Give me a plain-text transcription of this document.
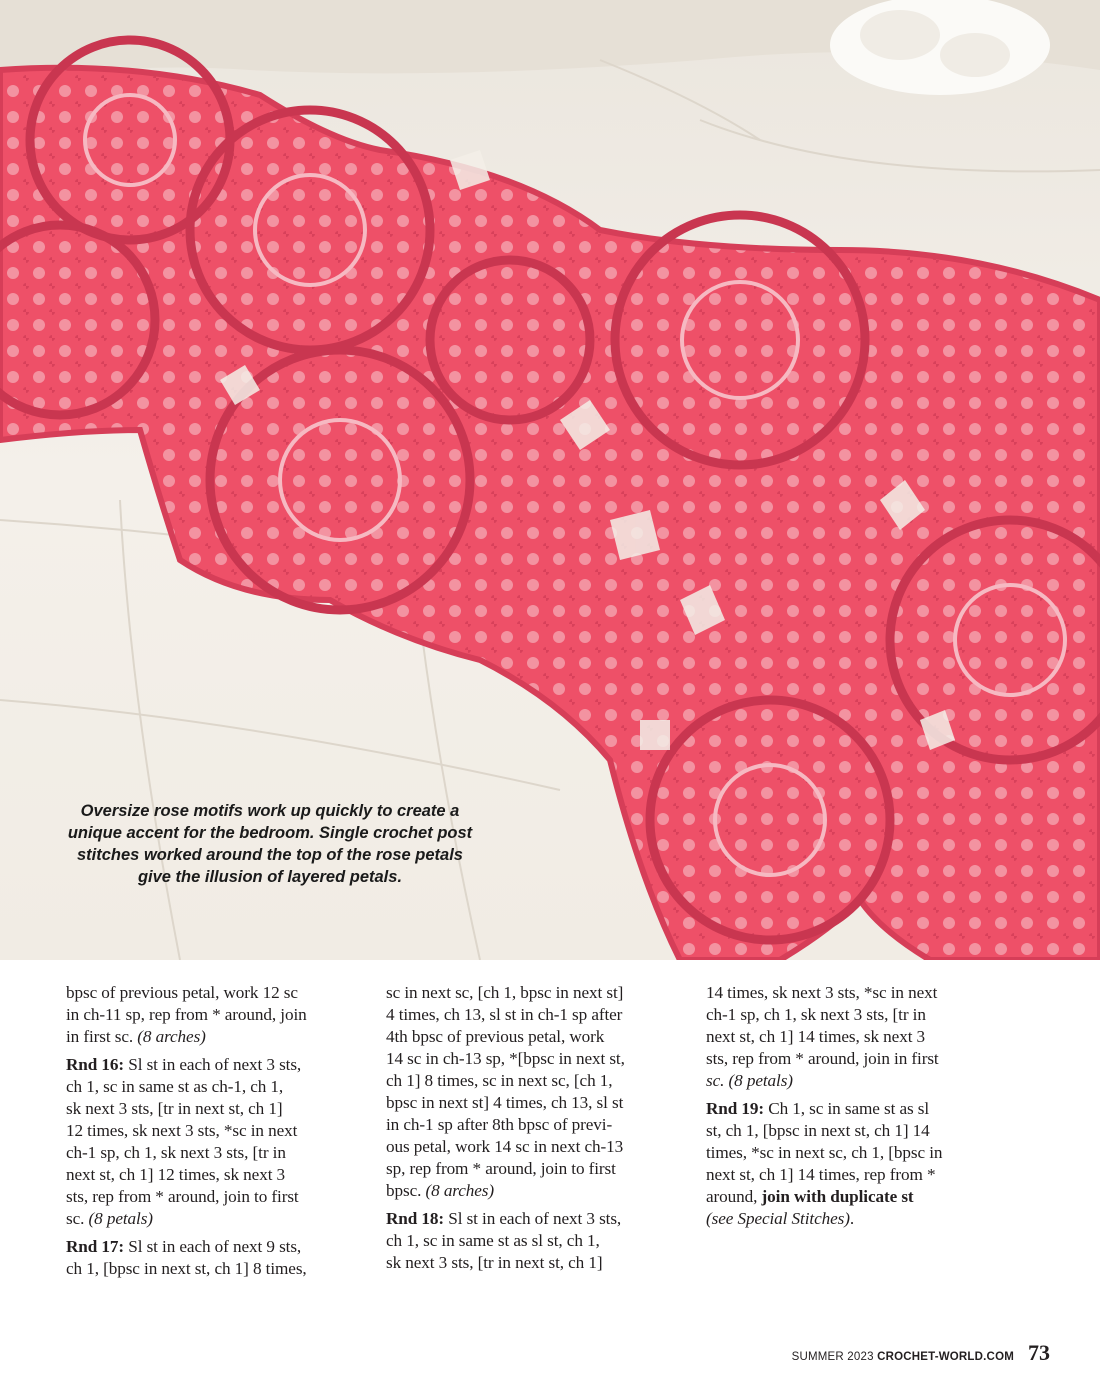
Oversize rose motifs work up quickly to create a
unique accent for the bedroom. Single crochet post
stitches worked around the top of the rose petals
give the illusion of layered petals.

bpsc of previous petal, work 12 sc
in ch-11 sp, rep from * around, join
in first sc. (8 arches)

Rnd 16: Sl st in each of next 3 sts,
ch 1, sc in same st as ch-1, ch 1,
sk next 3 sts, [tr in next st, ch 1]
12 times, sk next 3 sts, *sc in next
ch-1 sp, ch 1, sk next 3 sts, [tr in
next st, ch 1] 12 times, sk next 3
sts, rep from * around, join to first
sc. (8 petals)

Rnd 17: Sl st in each of next 9 sts,
ch 1, [bpsc in next st, ch 1] 8 times,

sc in next sc, [ch 1, bpsc in next st]
4 times, ch 13, sl st in ch-1 sp after
4th bpsc of previous petal, work
14 sc in ch-13 sp, *[bpsc in next st,
ch 1] 8 times, sc in next sc, [ch 1,
bpsc in next st] 4 times, ch 13, sl st
in ch-1 sp after 8th bpsc of previ-
ous petal, work 14 sc in next ch-13
sp, rep from * around, join to first
bpsc. (8 arches)

Rnd 18: Sl st in each of next 3 sts,
ch 1, sc in same st as sl st, ch 1,
sk next 3 sts, [tr in next st, ch 1]

14 times, sk next 3 sts, *sc in next
ch-1 sp, ch 1, sk next 3 sts, [tr in
next st, ch 1] 14 times, sk next 3
sts, rep from * around, join in first
sc. (8 petals)

Rnd 19: Ch 1, sc in same st as sl
st, ch 1, [bpsc in next st, ch 1] 14
times, *sc in next sc, ch 1, [bpsc in
next st, ch 1] 14 times, rep from *
around, join with duplicate st
(see Special Stitches).

SUMMER 2023 CROCHET-WORLD.COM 73
